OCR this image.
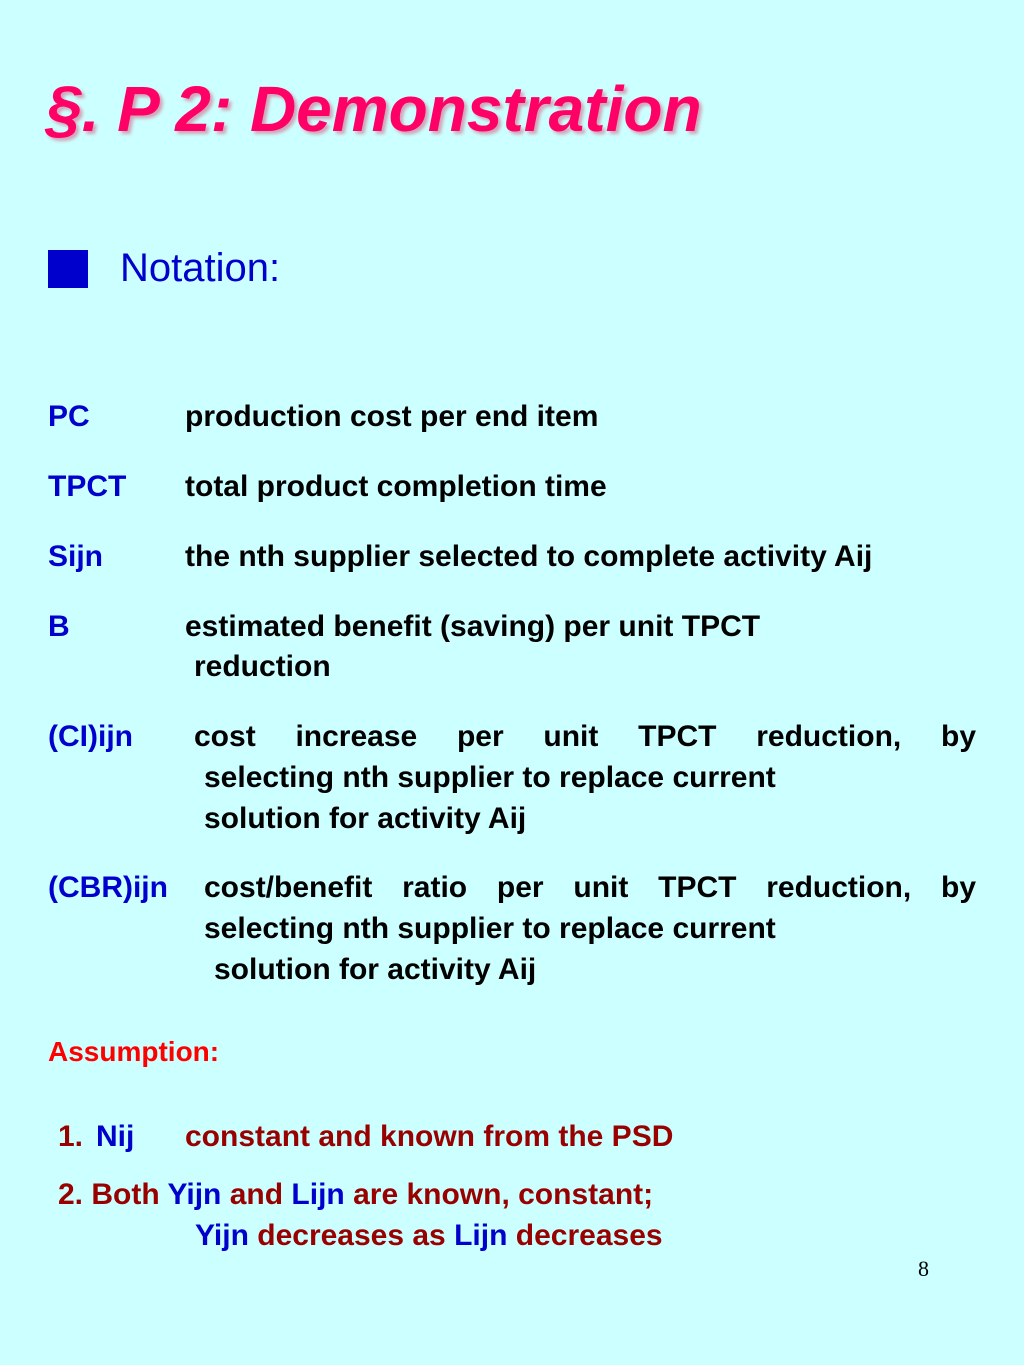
§. P 2: Demonstration
Notation:
PC	production cost per end item
TPCT total product completion time
Sijn	the nth supplier selected to complete activity Aij
B	estimated benefit (saving) per unit TPCT
reduction
(CI)ijn cost increase per unit TPCT reduction, by
selecting nth supplier to replace current
solution for activity Aij
(CBR)ijn cost/benefit ratio per unit TPCT reduction, by
selecting nth supplier to replace current
solution for activity Aij
Assumption:
1. Nij constant and known from the PSD
2. Both Yijn and Lijn are known, constant;
Yijn decreases as Lijn decreases
8
